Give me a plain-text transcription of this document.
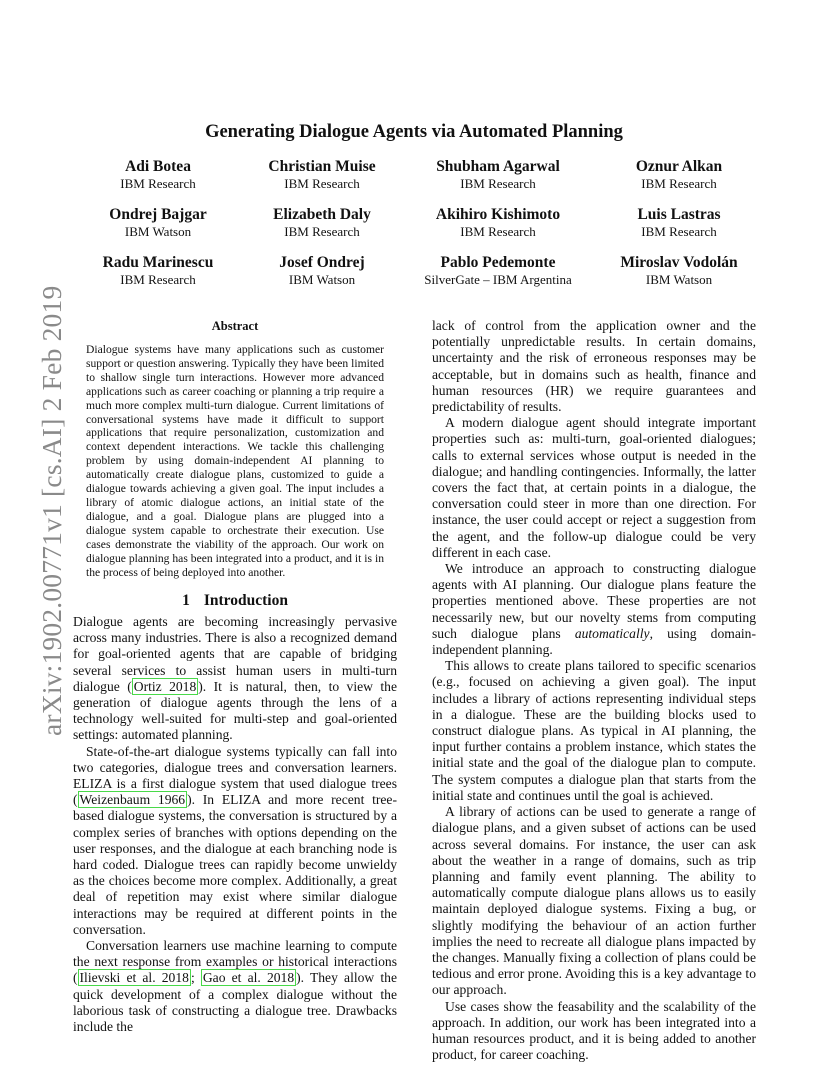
arXiv:1902.00771v1 [cs.AI] 2 Feb 2019
Generating Dialogue Agents via Automated Planning
Adi Botea
IBM Research
Christian Muise
IBM Research
Shubham Agarwal
IBM Research
Oznur Alkan
IBM Research
Ondrej Bajgar
IBM Watson
Elizabeth Daly
IBM Research
Akihiro Kishimoto
IBM Research
Luis Lastras
IBM Research
Radu Marinescu
IBM Research
Josef Ondrej
IBM Watson
Pablo Pedemonte
SilverGate – IBM Argentina
Miroslav Vodolán
IBM Watson
Abstract

Dialogue systems have many applications such as customer support or question answering. Typically they have been limited to shallow single turn interactions. However more advanced applications such as career coaching or planning a trip require a much more complex multi-turn dialogue. Current limitations of conversational systems have made it difficult to support applications that require personalization, customization and context dependent interactions. We tackle this challenging problem by using domain-independent AI planning to automatically create dialogue plans, customized to guide a dialogue towards achieving a given goal. The input includes a library of atomic dialogue actions, an initial state of the dialogue, and a goal. Dialogue plans are plugged into a dialogue system capable to orchestrate their execution. Use cases demonstrate the viability of the approach. Our work on dialogue planning has been integrated into a product, and it is in the process of being deployed into another.

1 Introduction

Dialogue agents are becoming increasingly pervasive across many industries. There is also a recognized demand for goal-oriented agents that are capable of bridging several services to assist human users in multi-turn dialogue ( Ortiz 2018 ). It is natural, then, to view the generation of dialogue agents through the lens of a technology well-suited for multi-step and goal-oriented settings: automated planning.

State-of-the-art dialogue systems typically can fall into two categories, dialogue trees and conversation learners. ELIZA is a first dialogue system that used dialogue trees ( Weizenbaum 1966 ). In ELIZA and more recent tree-based dialogue systems, the conversation is structured by a complex series of branches with options depending on the user responses, and the dialogue at each branching node is hard coded. Dialogue trees can rapidly become unwieldy as the choices become more complex. Additionally, a great deal of repetition may exist where similar dialogue interactions may be required at different points in the conversation.

Conversation learners use machine learning to compute the next response from examples or historical interactions ( Ilievski et al. 2018 ; Gao et al. 2018 ). They allow the quick development of a complex dialogue without the laborious task of constructing a dialogue tree. Drawbacks include the

lack of control from the application owner and the potentially unpredictable results. In certain domains, uncertainty and the risk of erroneous responses may be acceptable, but in domains such as health, finance and human resources (HR) we require guarantees and predictability of results.

A modern dialogue agent should integrate important properties such as: multi-turn, goal-oriented dialogues; calls to external services whose output is needed in the dialogue; and handling contingencies. Informally, the latter covers the fact that, at certain points in a dialogue, the conversation could steer in more than one direction. For instance, the user could accept or reject a suggestion from the agent, and the follow-up dialogue could be very different in each case.

We introduce an approach to constructing dialogue agents with AI planning. Our dialogue plans feature the properties mentioned above. These properties are not necessarily new, but our novelty stems from computing such dialogue plans automatically, using domain-independent planning.

This allows to create plans tailored to specific scenarios (e.g., focused on achieving a given goal). The input includes a library of actions representing individual steps in a dialogue. These are the building blocks used to construct dialogue plans. As typical in AI planning, the input further contains a problem instance, which states the initial state and the goal of the dialogue plan to compute. The system computes a dialogue plan that starts from the initial state and continues until the goal is achieved.

A library of actions can be used to generate a range of dialogue plans, and a given subset of actions can be used across several domains. For instance, the user can ask about the weather in a range of domains, such as trip planning and family event planning. The ability to automatically compute dialogue plans allows us to easily maintain deployed dialogue systems. Fixing a bug, or slightly modifying the behaviour of an action further implies the need to recreate all dialogue plans impacted by the changes. Manually fixing a collection of plans could be tedious and error prone. Avoiding this is a key advantage to our approach.

Use cases show the feasability and the scalability of the approach. In addition, our work has been integrated into a human resources product, and it is being added to another product, for career coaching.
